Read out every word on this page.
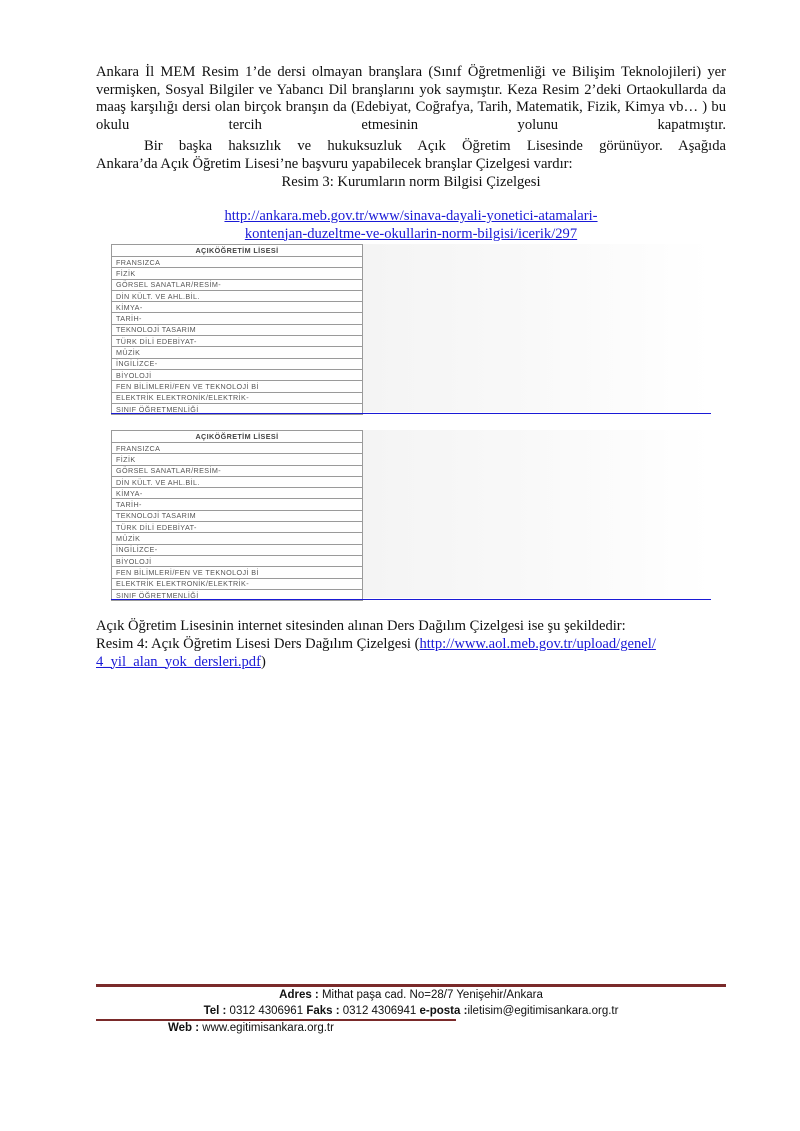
Ankara İl MEM Resim 1’de dersi olmayan branşlara (Sınıf Öğretmenliği ve Bilişim Teknolojileri) yer vermişken, Sosyal Bilgiler ve Yabancı Dil branşlarını yok saymıştır. Keza Resim 2’deki Ortaokullarda da maaş karşılığı dersi olan birçok branşın da (Edebiyat, Coğrafya, Tarih, Matematik, Fizik, Kimya vb… ) bu okulu tercih etmesinin yolunu kapatmıştır.
Bir başka haksızlık ve hukuksuzluk Açık Öğretim Lisesinde görünüyor. Aşağıda
Ankara’da Açık Öğretim Lisesi’ne başvuru yapabilecek branşlar Çizelgesi vardır:
Resim 3: Kurumların norm Bilgisi Çizelgesi
http://ankara.meb.gov.tr/www/sinava-dayali-yonetici-atamalari-
kontenjan-duzeltme-ve-okullarin-norm-bilgisi/icerik/297
AÇIKÖĞRETİM LİSESİ
FRANSIZCA
FİZİK
GÖRSEL SANATLAR/RESİM-
DİN KÜLT. VE AHL.BİL.
KİMYA-
TARİH-
TEKNOLOJİ TASARIM
TÜRK DİLİ EDEBİYAT-
MÜZİK
İNGİLİZCE-
BİYOLOJİ
FEN BİLİMLERİ/FEN VE TEKNOLOJİ Bİ
ELEKTRİK ELEKTRONİK/ELEKTRİK-
SINIF ÖĞRETMENLİĞİ
AÇIKÖĞRETİM LİSESİ
FRANSIZCA
FİZİK
GÖRSEL SANATLAR/RESİM-
DİN KÜLT. VE AHL.BİL.
KİMYA-
TARİH-
TEKNOLOJİ TASARIM
TÜRK DİLİ EDEBİYAT-
MÜZİK
İNGİLİZCE-
BİYOLOJİ
FEN BİLİMLERİ/FEN VE TEKNOLOJİ Bİ
ELEKTRİK ELEKTRONİK/ELEKTRİK-
SINIF ÖĞRETMENLİĞİ
Açık Öğretim Lisesinin internet sitesinden alınan Ders Dağılım Çizelgesi ise şu şekildedir:
Resim 4: Açık Öğretim Lisesi Ders Dağılım Çizelgesi (http://www.aol.meb.gov.tr/upload/genel/
4_yil_alan_yok_dersleri.pdf)
Adres : Mithat paşa cad. No=28/7 Yenişehir/Ankara
Tel : 0312 4306961 Faks : 0312 4306941 e-posta :iletisim@egitimisankara.org.tr
Web : www.egitimisankara.org.tr
